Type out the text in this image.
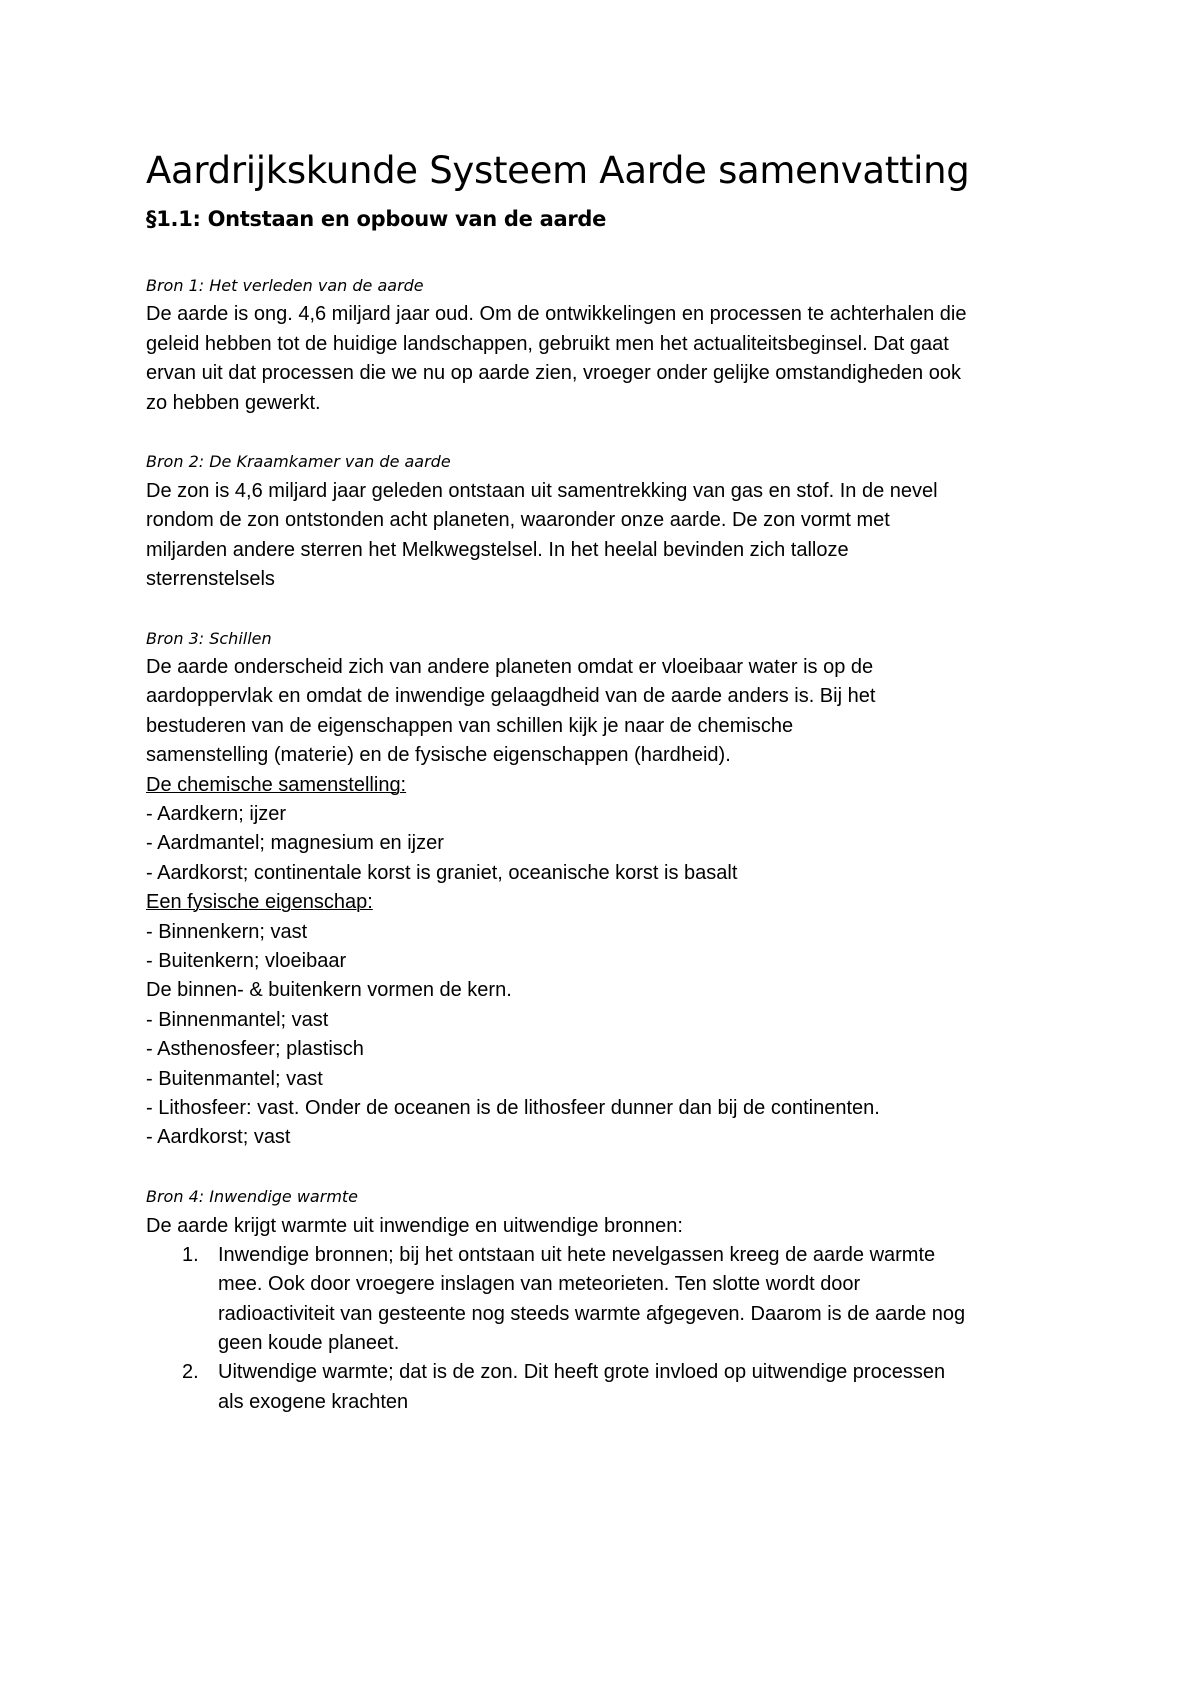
Aardrijkskunde Systeem Aarde samenvatting
§1.1: Ontstaan en opbouw van de aarde
Bron 1: Het verleden van de aarde
De aarde is ong. 4,6 miljard jaar oud. Om de ontwikkelingen en processen te achterhalen die
geleid hebben tot de huidige landschappen, gebruikt men het actualiteitsbeginsel. Dat gaat
ervan uit dat processen die we nu op aarde zien, vroeger onder gelijke omstandigheden ook
zo hebben gewerkt.
Bron 2: De Kraamkamer van de aarde
De zon is 4,6 miljard jaar geleden ontstaan uit samentrekking van gas en stof. In de nevel
rondom de zon ontstonden acht planeten, waaronder onze aarde. De zon vormt met
miljarden andere sterren het Melkwegstelsel. In het heelal bevinden zich talloze
sterrenstelsels
Bron 3: Schillen
De aarde onderscheid zich van andere planeten omdat er vloeibaar water is op de
aardoppervlak en omdat de inwendige gelaagdheid van de aarde anders is. Bij het
bestuderen van de eigenschappen van schillen kijk je naar de chemische
samenstelling (materie) en de fysische eigenschappen (hardheid).
De chemische samenstelling:
- Aardkern; ijzer
- Aardmantel; magnesium en ijzer
- Aardkorst; continentale korst is graniet, oceanische korst is basalt
Een fysische eigenschap:
- Binnenkern; vast
- Buitenkern; vloeibaar
De binnen- & buitenkern vormen de kern.
- Binnenmantel; vast
- Asthenosfeer; plastisch
- Buitenmantel; vast
- Lithosfeer: vast. Onder de oceanen is de lithosfeer dunner dan bij de continenten.
- Aardkorst; vast
Bron 4: Inwendige warmte
De aarde krijgt warmte uit inwendige en uitwendige bronnen:
1. Inwendige bronnen; bij het ontstaan uit hete nevelgassen kreeg de aarde warmte
mee. Ook door vroegere inslagen van meteorieten. Ten slotte wordt door
radioactiviteit van gesteente nog steeds warmte afgegeven. Daarom is de aarde nog
geen koude planeet.
2. Uitwendige warmte; dat is de zon. Dit heeft grote invloed op uitwendige processen
als exogene krachten
